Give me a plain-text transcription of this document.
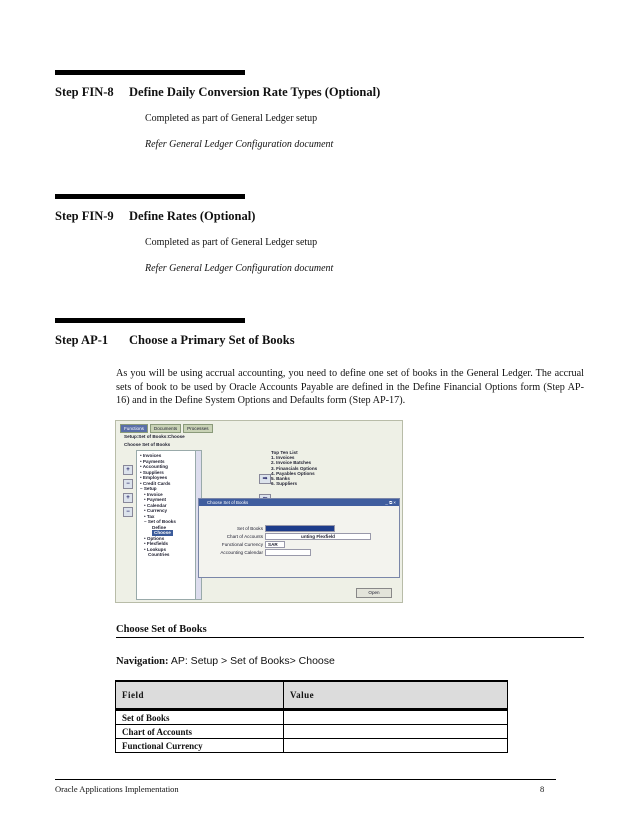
Step FIN-8 Define Daily Conversion Rate Types (Optional)
Completed as part of General Ledger setup
Refer General Ledger Configuration document
Step FIN-9 Define Rates (Optional)
Completed as part of General Ledger setup
Refer General Ledger Configuration document
Step AP-1 Choose a Primary Set of Books
As you will be using accrual accounting, you need to define one set of books in the General Ledger. The accrual sets of book to be used by Oracle Accounts Payable are defined in the Define Financial Options form (Step AP-16) and in the Define System Options and Defaults form (Step AP-17).
Functions	Documents	Processes
Setup:Set of Books:Choose
Choose Set of Books
+
−
+
−
• Invoices
• Payments
• Accounting
• Suppliers
• Employees
• Credit Cards
– Setup
• Invoice
• Payment
• Calendar
• Currency
• Tax
– Set of Books
Define
Choose
• Options
• Flexfields
• Lookups
Countries
➡
Top Ten List
1. Invoices
2. Invoice Batches
3. Financials Options
4. Payables Options
5. Banks
6. Suppliers
Choose Set of Books	_ ⧉ ×
Set of Books
Chart of Accounts	unting Flexfield
Functional Currency	SAR
Accounting Calendar
Open
Choose Set of Books
Navigation: AP: Setup > Set of Books> Choose
Field	Value
Set of Books	
Chart of Accounts	
Functional Currency	
Oracle Applications Implementation	8
